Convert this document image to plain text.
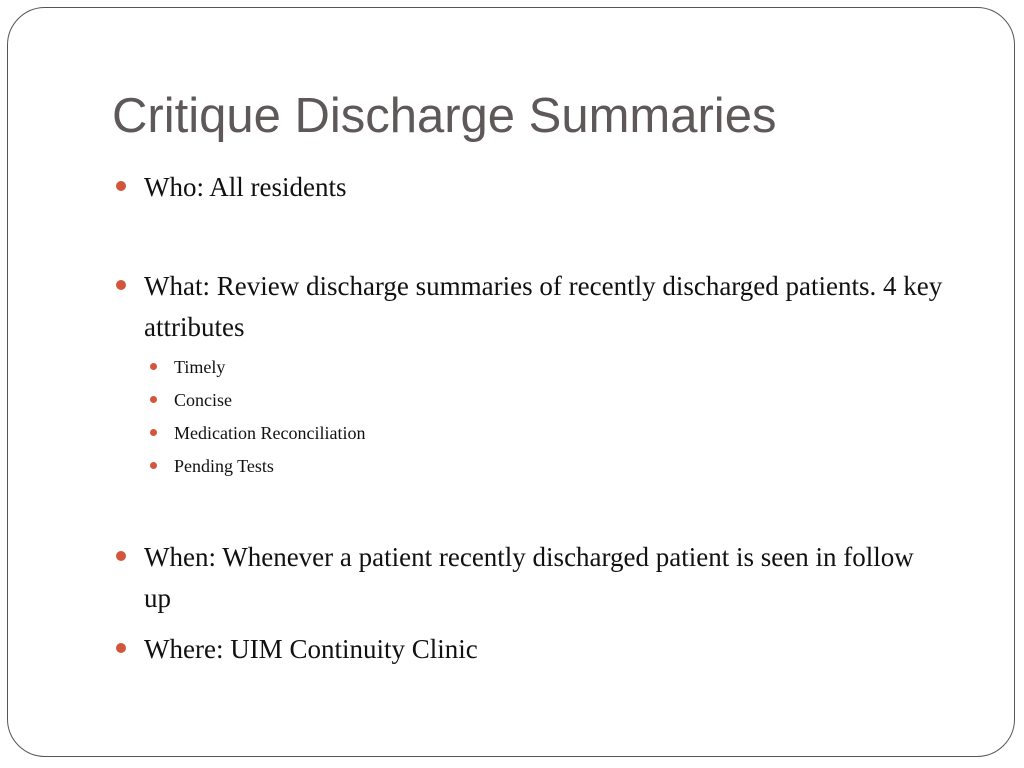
Critique Discharge Summaries
Who: All residents
What: Review discharge summaries of recently discharged patients. 4 key attributes
Timely
Concise
Medication Reconciliation
Pending Tests
When: Whenever a patient recently discharged patient is seen in follow up
Where: UIM Continuity Clinic
